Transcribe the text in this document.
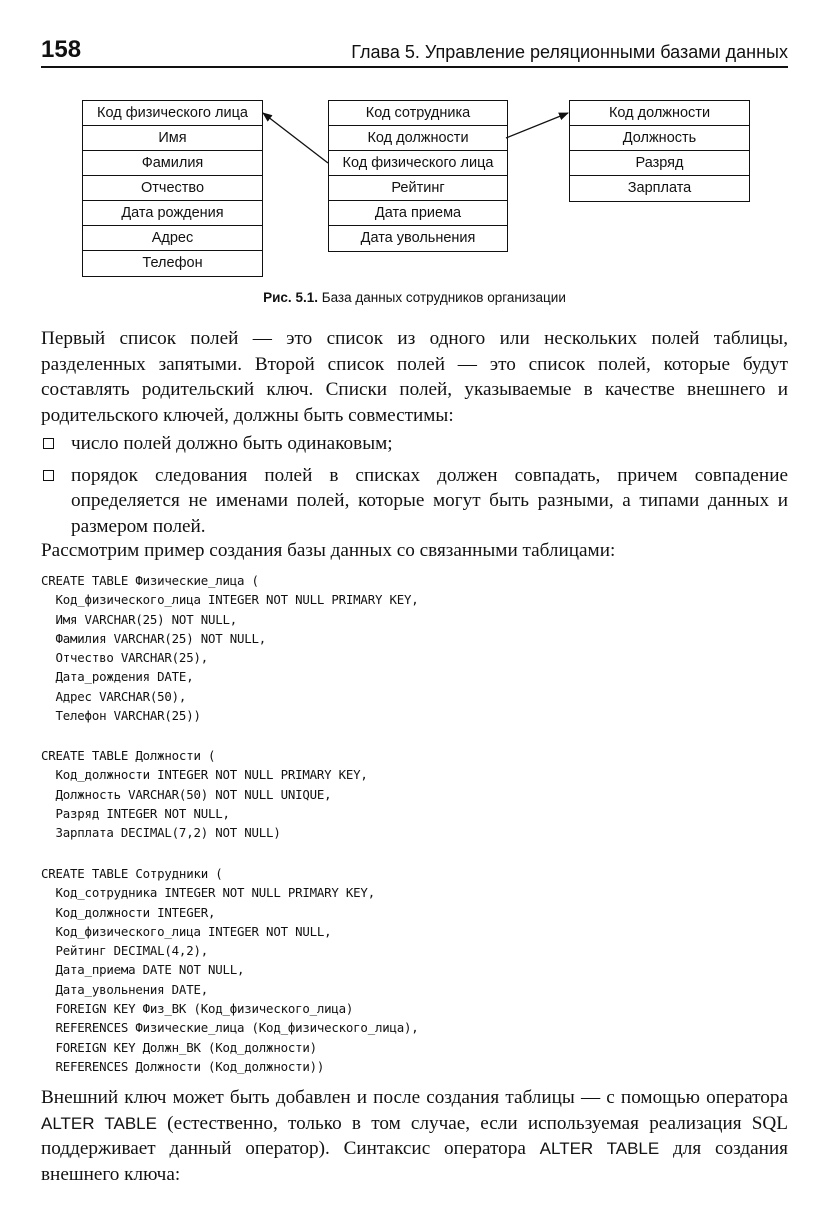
158	Глава 5. Управление реляционными базами данных
Код физического лица
Имя
Фамилия
Отчество
Дата рождения
Адрес
Телефон
Код сотрудника
Код должности
Код физического лица
Рейтинг
Дата приема
Дата увольнения
Код должности
Должность
Разряд
Зарплата
Рис. 5.1. База данных сотрудников организации

Первый список полей — это список из одного или нескольких полей таблицы, разделенных запятыми. Второй список полей — это список полей, которые будут составлять родительский ключ. Списки полей, указываемые в качестве внешнего и родительского ключей, должны быть совместимы:

число полей должно быть одинаковым;
порядок следования полей в списках должен совпадать, причем совпадение определяется не именами полей, которые могут быть разными, а типами данных и размером полей.

Рассмотрим пример создания базы данных со связанными таблицами:

CREATE TABLE Физические_лица (
Код_физического_лица INTEGER NOT NULL PRIMARY KEY,
Имя VARCHAR(25) NOT NULL,
Фамилия VARCHAR(25) NOT NULL,
Отчество VARCHAR(25),
Дата_рождения DATE,
Адрес VARCHAR(50),
Телефон VARCHAR(25))
CREATE TABLE Должности (
Код_должности INTEGER NOT NULL PRIMARY KEY,
Должность VARCHAR(50) NOT NULL UNIQUE,
Разряд INTEGER NOT NULL,
Зарплата DECIMAL(7,2) NOT NULL)
CREATE TABLE Сотрудники (
Код_сотрудника INTEGER NOT NULL PRIMARY KEY,
Код_должности INTEGER,
Код_физического_лица INTEGER NOT NULL,
Рейтинг DECIMAL(4,2),
Дата_приема DATE NOT NULL,
Дата_увольнения DATE,
FOREIGN KEY Физ_ВК (Код_физического_лица)
REFERENCES Физические_лица (Код_физического_лица),
FOREIGN KEY Должн_ВК (Код_должности)
REFERENCES Должности (Код_должности))

Внешний ключ может быть добавлен и после создания таблицы — с помощью оператора ALTER TABLE (естественно, только в том случае, если используемая реализация SQL поддерживает данный оператор). Синтаксис оператора ALTER TABLE для создания внешнего ключа:
